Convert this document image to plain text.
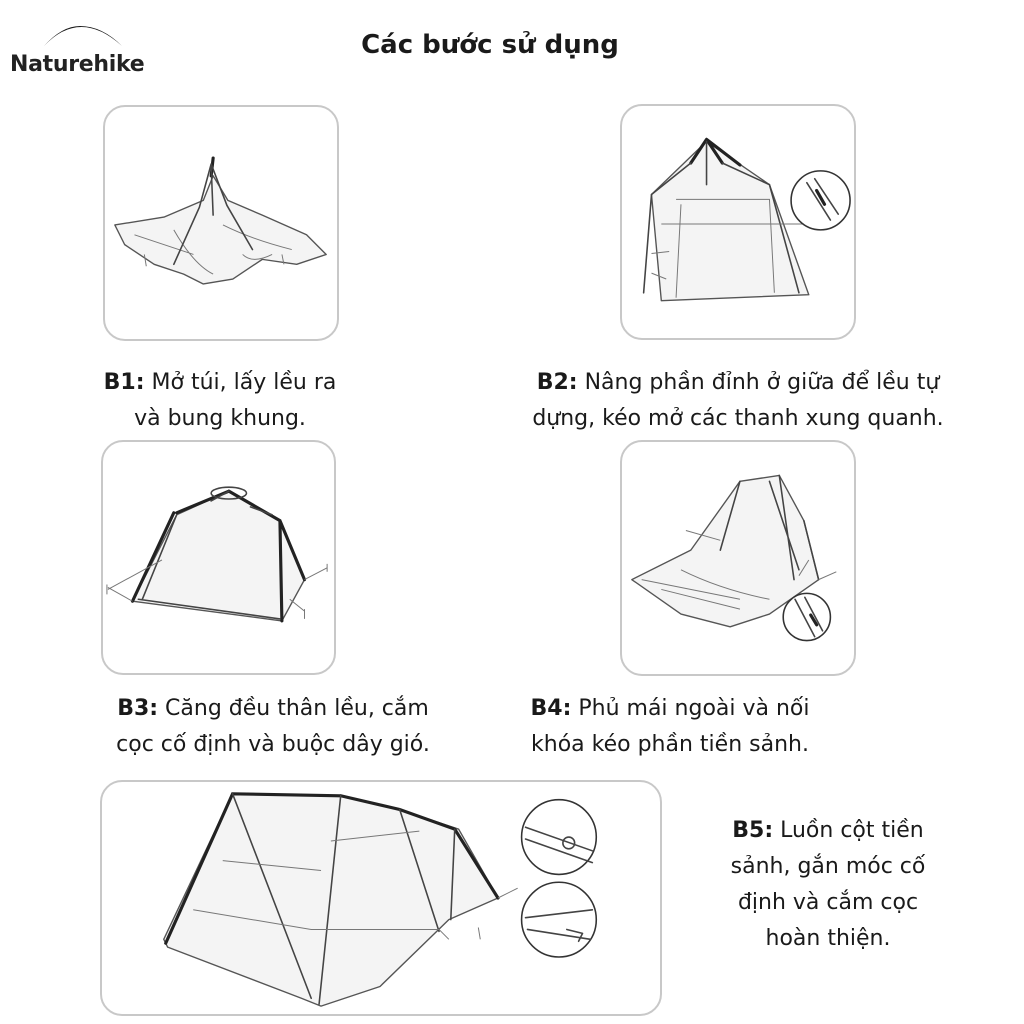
Naturehike
Các bước sử dụng
B1: Mở túi, lấy lều ra
và bung khung.
B2: Nâng phần đỉnh ở giữa để lều tự
dựng, kéo mở các thanh xung quanh.
B3: Căng đều thân lều, cắm
cọc cố định và buộc dây gió.
B4: Phủ mái ngoài và nối
khóa kéo phần tiền sảnh.
B5: Luồn cột tiền
sảnh, gắn móc cố
định và cắm cọc
hoàn thiện.
